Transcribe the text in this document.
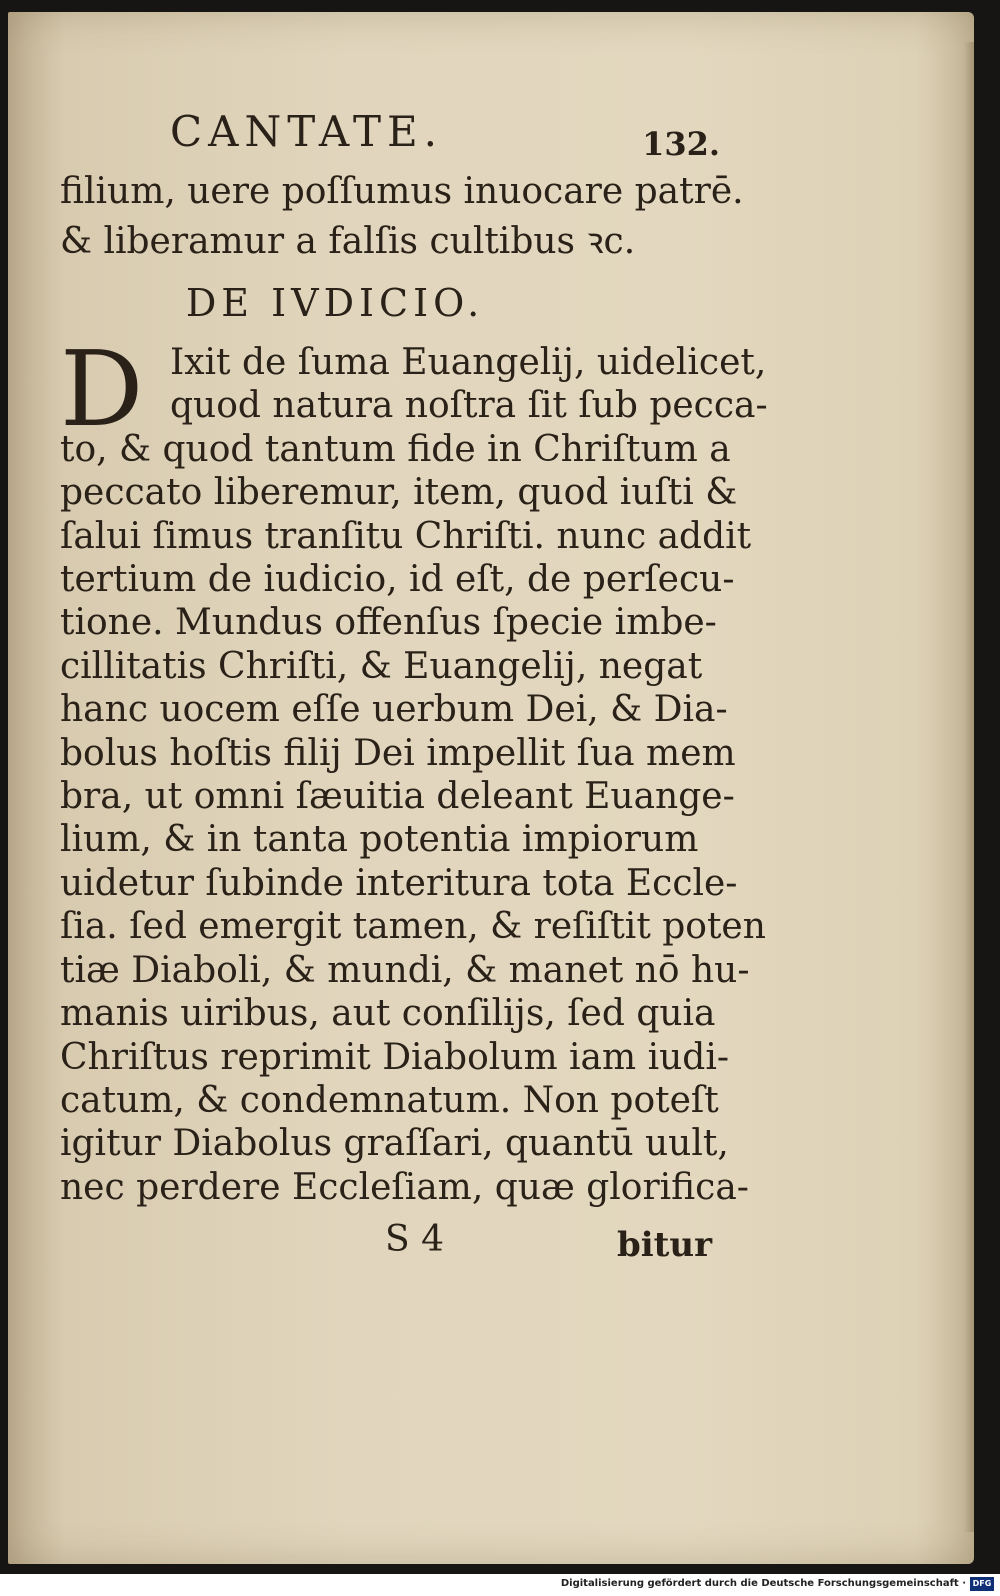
CANTATE.	132.
filium, uere poſſumus inuocare patrē.
& liberamur a falſis cultibus ꝛc.
DE IVDICIO.
D Ixit de ſuma Euangelij, uidelicet,
quod natura noſtra ſit ſub pecca-
to, & quod tantum fide in Chriſtum a
peccato liberemur, item, quod iuſti &
ſalui ſimus tranſitu Chriſti. nunc addit
tertium de iudicio, id eſt, de perſecu-
tione. Mundus offenſus ſpecie imbe-
cillitatis Chriſti, & Euangelij, negat
hanc uocem eſſe uerbum Dei, & Dia-
bolus hoſtis filij Dei impellit ſua mem
bra, ut omni ſæuitia deleant Euange-
lium, & in tanta potentia impiorum
uidetur ſubinde interitura tota Eccle-
ſia. ſed emergit tamen, & reſiſtit poten
tiæ Diaboli, & mundi, & manet nō hu-
manis uiribus, aut conſilijs, ſed quia
Chriſtus reprimit Diabolum iam iudi-
catum, & condemnatum. Non poteſt
igitur Diabolus graſſari, quantū uult,
nec perdere Eccleſiam, quæ glorifica-
S 4	bitur
Digitalisierung gefördert durch die Deutsche Forschungsgemeinschaft · DFG
